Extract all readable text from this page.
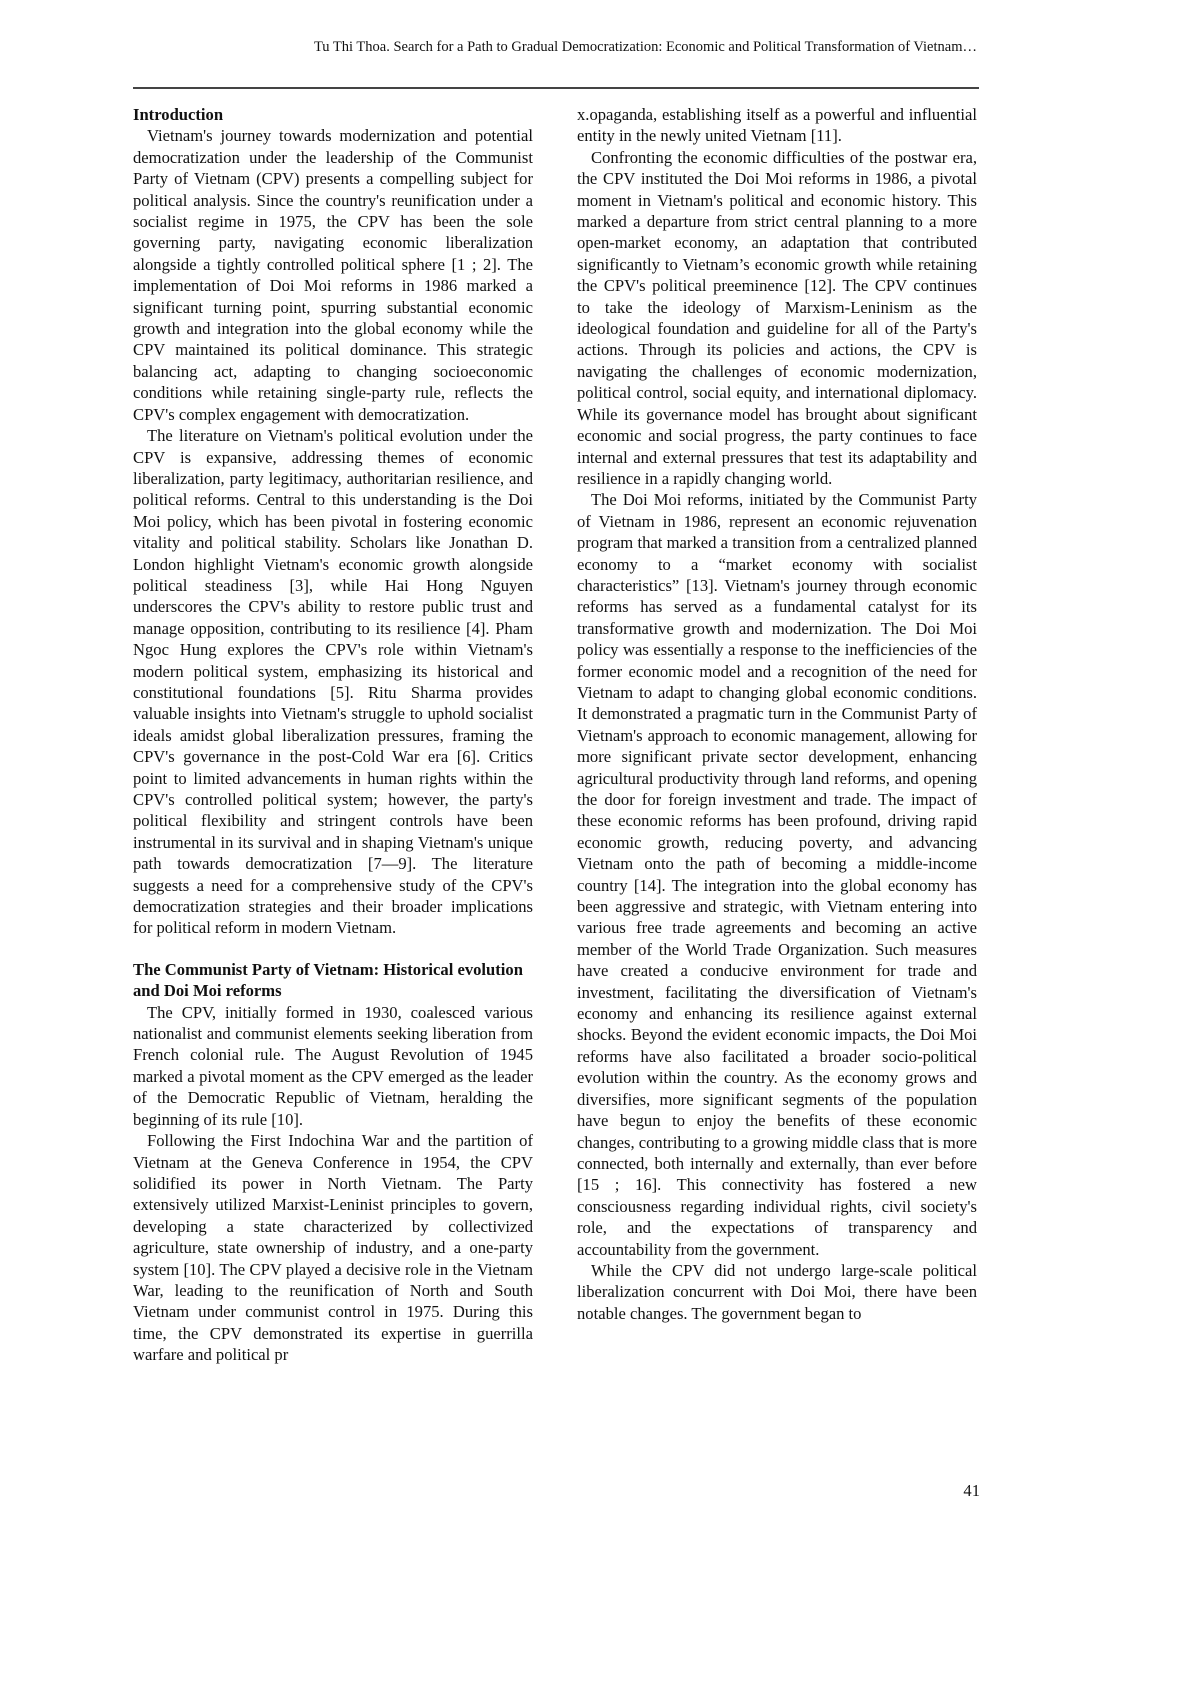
Tu Thi Thoa. Search for a Path to Gradual Democratization: Economic and Political Transformation of Vietnam…
Introduction

Vietnam's journey towards modernization and potential democratization under the leadership of the Communist Party of Vietnam (CPV) presents a compelling subject for political analysis. Since the country's reunification under a socialist regime in 1975, the CPV has been the sole governing party, navigating economic liberalization alongside a tightly controlled political sphere [1 ; 2]. The implementation of Doi Moi reforms in 1986 marked a significant turning point, spurring substantial economic growth and integration into the global economy while the CPV maintained its political dominance. This strategic balancing act, adapting to changing socioeconomic conditions while retaining single-party rule, reflects the CPV's complex engagement with democratization.

The literature on Vietnam's political evolution under the CPV is expansive, addressing themes of economic liberalization, party legitimacy, authoritarian resilience, and political reforms. Central to this understanding is the Doi Moi policy, which has been pivotal in fostering economic vitality and political stability. Scholars like Jonathan D. London highlight Vietnam's economic growth alongside political steadiness [3], while Hai Hong Nguyen underscores the CPV's ability to restore public trust and manage opposition, contributing to its resilience [4]. Pham Ngoc Hung explores the CPV's role within Vietnam's modern political system, emphasizing its historical and constitutional foundations [5]. Ritu Sharma provides valuable insights into Vietnam's struggle to uphold socialist ideals amidst global liberalization pressures, framing the CPV's governance in the post-Cold War era [6]. Critics point to limited advancements in human rights within the CPV's controlled political system; however, the party's political flexibility and stringent controls have been instrumental in its survival and in shaping Vietnam's unique path towards democratization [7—9]. The literature suggests a need for a comprehensive study of the CPV's democratization strategies and their broader implications for political reform in modern Vietnam.

The Communist Party of Vietnam: Historical evolution and Doi Moi reforms

The CPV, initially formed in 1930, coalesced various nationalist and communist elements seeking liberation from French colonial rule. The August Revolution of 1945 marked a pivotal moment as the CPV emerged as the leader of the Democratic Republic of Vietnam, heralding the beginning of its rule [10].

Following the First Indochina War and the partition of Vietnam at the Geneva Conference in 1954, the CPV solidified its power in North Vietnam. The Party extensively utilized Marxist-Leninist principles to govern, developing a state characterized by collectivized agriculture, state ownership of industry, and a one-party system [10]. The CPV played a decisive role in the Vietnam War, leading to the reunification of North and South Vietnam under communist control in 1975. During this time, the CPV demonstrated its expertise in guerrilla warfare and political pr

x.opaganda, establishing itself as a powerful and influential entity in the newly united Vietnam [11].

Confronting the economic difficulties of the postwar era, the CPV instituted the Doi Moi reforms in 1986, a pivotal moment in Vietnam's political and economic history. This marked a departure from strict central planning to a more open-market economy, an adaptation that contributed significantly to Vietnam’s economic growth while retaining the CPV's political preeminence [12]. The CPV continues to take the ideology of Marxism-Leninism as the ideological foundation and guideline for all of the Party's actions. Through its policies and actions, the CPV is navigating the challenges of economic modernization, political control, social equity, and international diplomacy. While its governance model has brought about significant economic and social progress, the party continues to face internal and external pressures that test its adaptability and resilience in a rapidly changing world.

The Doi Moi reforms, initiated by the Communist Party of Vietnam in 1986, represent an economic rejuvenation program that marked a transition from a centralized planned economy to a “market economy with socialist characteristics” [13]. Vietnam's journey through economic reforms has served as a fundamental catalyst for its transformative growth and modernization. The Doi Moi policy was essentially a response to the inefficiencies of the former economic model and a recognition of the need for Vietnam to adapt to changing global economic conditions. It demonstrated a pragmatic turn in the Communist Party of Vietnam's approach to economic management, allowing for more significant private sector development, enhancing agricultural productivity through land reforms, and opening the door for foreign investment and trade. The impact of these economic reforms has been profound, driving rapid economic growth, reducing poverty, and advancing Vietnam onto the path of becoming a middle-income country [14]. The integration into the global economy has been aggressive and strategic, with Vietnam entering into various free trade agreements and becoming an active member of the World Trade Organization. Such measures have created a conducive environment for trade and investment, facilitating the diversification of Vietnam's economy and enhancing its resilience against external shocks. Beyond the evident economic impacts, the Doi Moi reforms have also facilitated a broader socio-political evolution within the country. As the economy grows and diversifies, more significant segments of the population have begun to enjoy the benefits of these economic changes, contributing to a growing middle class that is more connected, both internally and externally, than ever before [15 ; 16]. This connectivity has fostered a new consciousness regarding individual rights, civil society's role, and the expectations of transparency and accountability from the government.

While the CPV did not undergo large-scale political liberalization concurrent with Doi Moi, there have been notable changes. The government began to

41
